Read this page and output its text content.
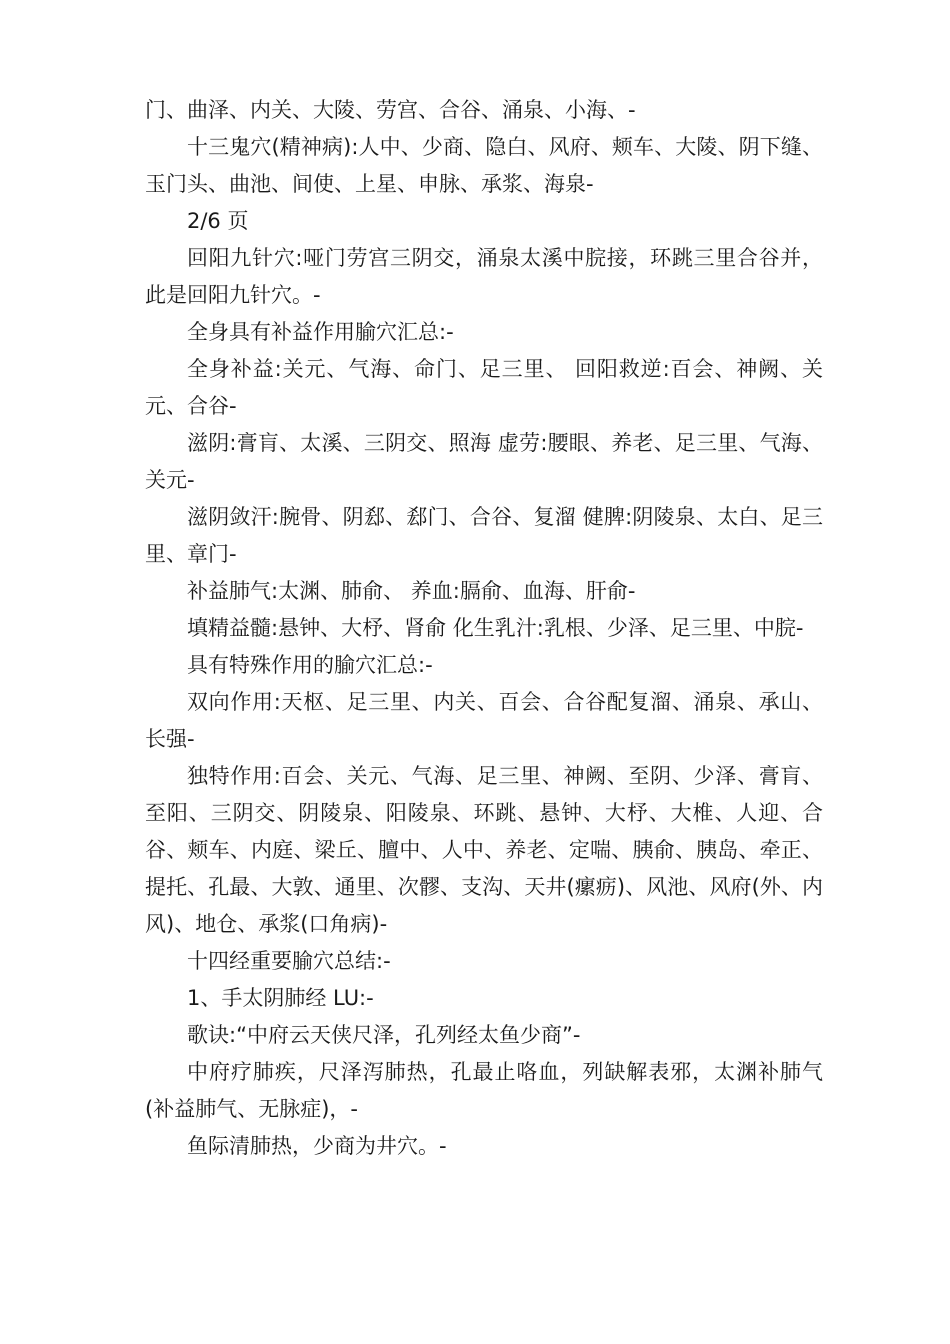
门、曲泽、内关、大陵、劳宫、合谷、涌泉、小海、-

十三鬼穴(精神病):人中、少商、隐白、风府、颊车、大陵、阴下缝、玉门头、曲池、间使、上星、申脉、承浆、海泉-

2/6 页

回阳九针穴:哑门劳宫三阴交，涌泉太溪中脘接，环跳三里合谷并，此是回阳九针穴。-

全身具有补益作用腧穴汇总:-

全身补益:关元、气海、命门、足三里、 回阳救逆:百会、神阙、关元、合谷-

滋阴:膏肓、太溪、三阴交、照海 虚劳:腰眼、养老、足三里、气海、关元-

滋阴敛汗:腕骨、阴郄、郄门、合谷、复溜 健脾:阴陵泉、太白、足三里、章门-

补益肺气:太渊、肺俞、 养血:膈俞、血海、肝俞-

填精益髓:悬钟、大杼、肾俞 化生乳汁:乳根、少泽、足三里、中脘-

具有特殊作用的腧穴汇总:-

双向作用:天枢、足三里、内关、百会、合谷配复溜、涌泉、承山、长强-

独特作用:百会、关元、气海、足三里、神阙、至阴、少泽、膏肓、至阳、三阴交、阴陵泉、阳陵泉、环跳、悬钟、大杼、大椎、人迎、合谷、颊车、内庭、梁丘、膻中、人中、养老、定喘、胰俞、胰岛、牵正、提托、孔最、大敦、通里、次髎、支沟、天井(瘰疬)、风池、风府(外、内风)、地仓、承浆(口角病)-

十四经重要腧穴总结:-

1、手太阴肺经 LU:-

歌诀:“中府云天侠尺泽，孔列经太鱼少商”-

中府疗肺疾，尺泽泻肺热，孔最止咯血，列缺解表邪，太渊补肺气(补益肺气、无脉症)，-

鱼际清肺热，少商为井穴。-
